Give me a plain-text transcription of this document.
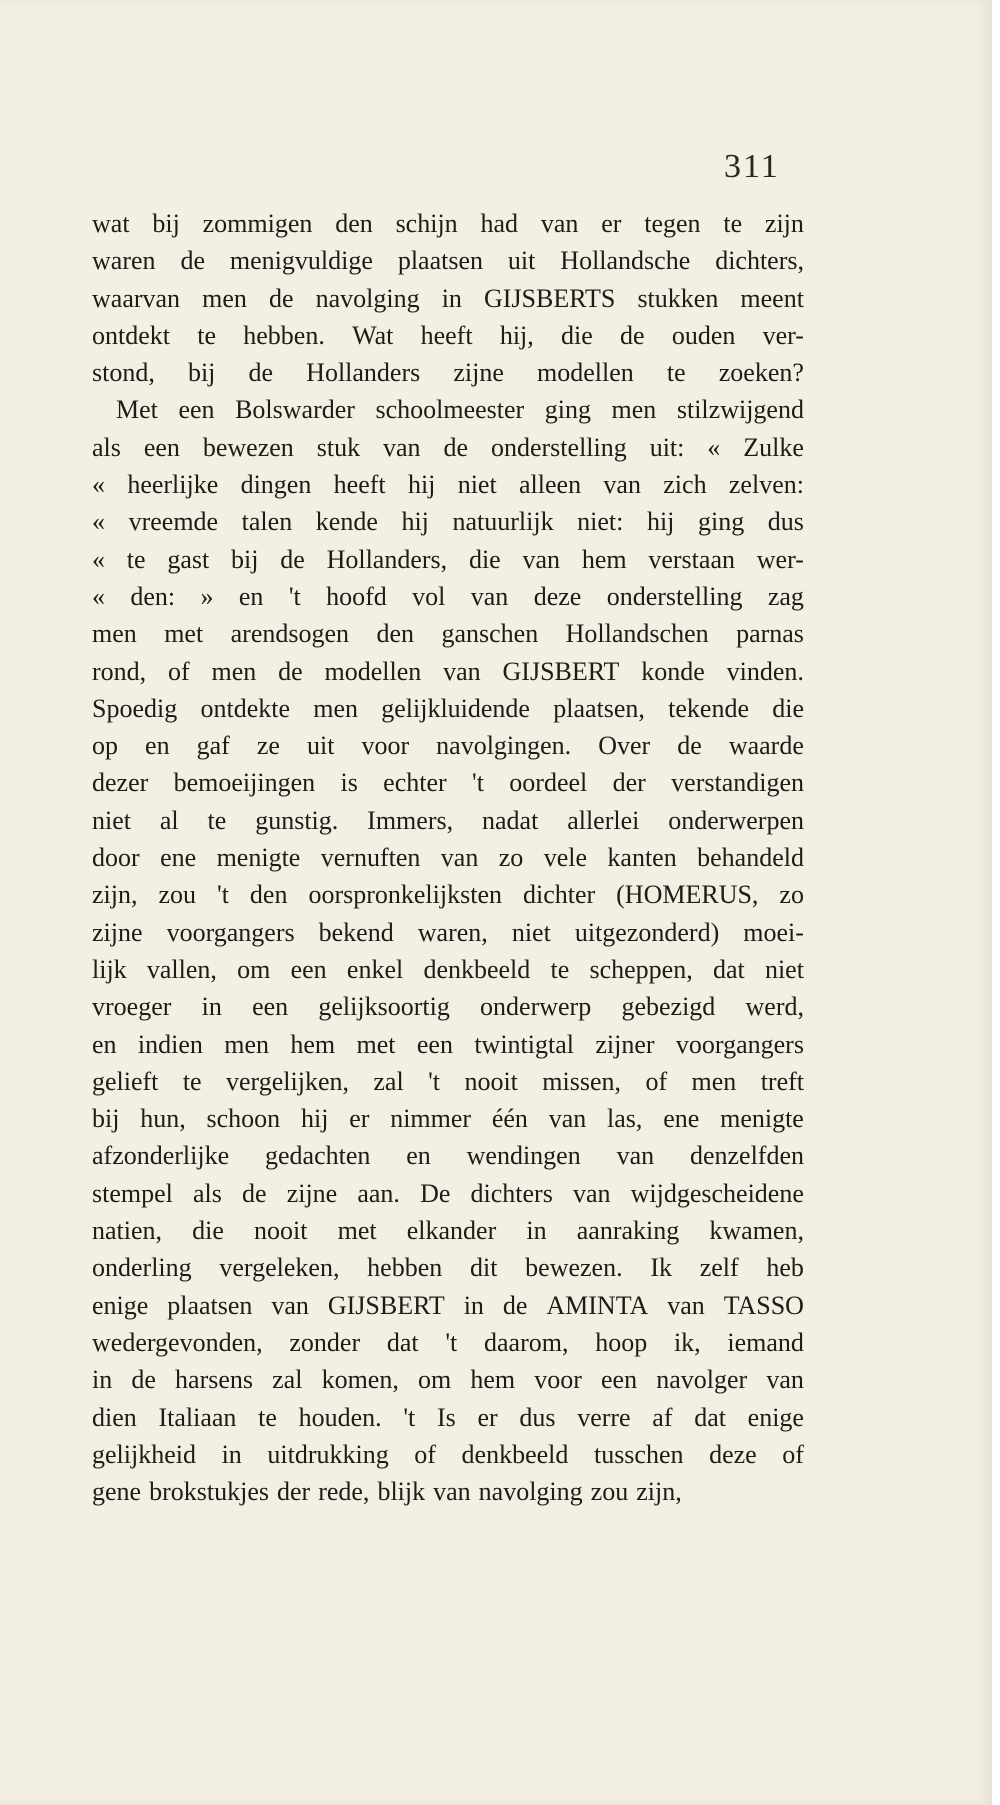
311
wat bij zommigen den schijn had van er tegen te zijn
waren de menigvuldige plaatsen uit Hollandsche dichters,
waarvan men de navolging in GIJSBERTS stukken meent
ontdekt te hebben. Wat heeft hij, die de ouden ver-
stond, bij de Hollanders zijne modellen te zoeken?
Met een Bolswarder schoolmeester ging men stilzwijgend
als een bewezen stuk van de onderstelling uit: « Zulke
« heerlijke dingen heeft hij niet alleen van zich zelven:
« vreemde talen kende hij natuurlijk niet: hij ging dus
« te gast bij de Hollanders, die van hem verstaan wer-
« den: » en 't hoofd vol van deze onderstelling zag
men met arendsogen den ganschen Hollandschen parnas
rond, of men de modellen van GIJSBERT konde vinden.
Spoedig ontdekte men gelijkluidende plaatsen, tekende die
op en gaf ze uit voor navolgingen. Over de waarde
dezer bemoeijingen is echter 't oordeel der verstandigen
niet al te gunstig. Immers, nadat allerlei onderwerpen
door ene menigte vernuften van zo vele kanten behandeld
zijn, zou 't den oorspronkelijksten dichter (HOMERUS, zo
zijne voorgangers bekend waren, niet uitgezonderd) moei-
lijk vallen, om een enkel denkbeeld te scheppen, dat niet
vroeger in een gelijksoortig onderwerp gebezigd werd,
en indien men hem met een twintigtal zijner voorgangers
gelieft te vergelijken, zal 't nooit missen, of men treft
bij hun, schoon hij er nimmer één van las, ene menigte
afzonderlijke gedachten en wendingen van denzelfden
stempel als de zijne aan. De dichters van wijdgescheidene
natien, die nooit met elkander in aanraking kwamen,
onderling vergeleken, hebben dit bewezen. Ik zelf heb
enige plaatsen van GIJSBERT in de AMINTA van TASSO
wedergevonden, zonder dat 't daarom, hoop ik, iemand
in de harsens zal komen, om hem voor een navolger van
dien Italiaan te houden. 't Is er dus verre af dat enige
gelijkheid in uitdrukking of denkbeeld tusschen deze of
gene brokstukjes der rede, blijk van navolging zou zijn,
